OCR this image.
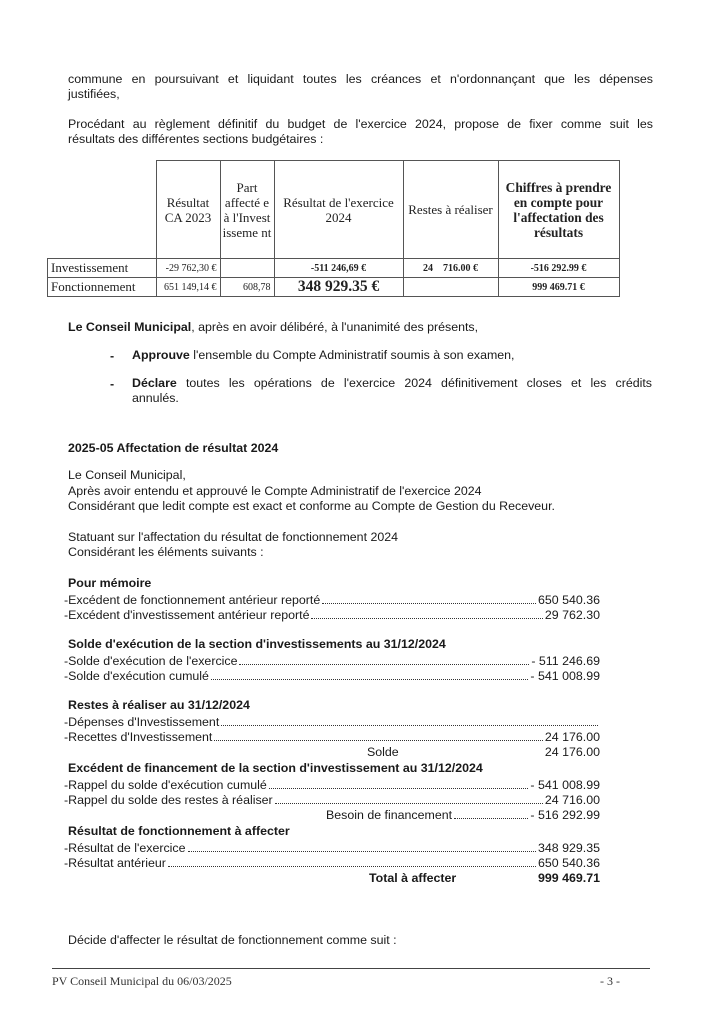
commune en poursuivant et liquidant toutes les créances et n'ordonnançant que les dépenses

justifiées,

Procédant au règlement définitif du budget de l'exercice 2024, propose de fixer comme suit les

résultats des différentes sections budgétaires :

	Résultat CA 2023	Part affecté e à l'Invest isseme nt	Résultat de l'exercice 2024	Restes à réaliser	Chiffres à prendre en compte pour l'affectation des résultats
Investissement	-29 762,30 €		-511 246,69 €	24    716.00 €	-516 292.99 €
Fonctionnement	651 149,14 €	608,78	348 929.35 €		999 469.71 €
Le Conseil Municipal, après en avoir délibéré, à l'unanimité des présents,
- Approuve l'ensemble du Compte Administratif soumis à son examen,
- Déclare toutes les opérations de l'exercice 2024 définitivement closes et les crédits

annulés.

2025-05 Affectation de résultat 2024
Le Conseil Municipal,
Après avoir entendu et approuvé le Compte Administratif de l'exercice 2024
Considérant que ledit compte est exact et conforme au Compte de Gestion du Receveur.
Statuant sur l'affectation du résultat de fonctionnement 2024
Considérant les éléments suivants :
Pour mémoire
-Excédent de fonctionnement antérieur reporté	650 540.36
-Excédent d'investissement antérieur reporté	29 762.30
Solde d'exécution de la section d'investissements au 31/12/2024
-Solde d'exécution de l'exercice	- 511 246.69
-Solde d'exécution cumulé	- 541 008.99
Restes à réaliser au 31/12/2024
-Dépenses d'Investissement
-Recettes d'Investissement	24 176.00
Solde	24 176.00
Excédent de financement de la section d'investissement au 31/12/2024
-Rappel du solde d'exécution cumulé	- 541 008.99
-Rappel du solde des restes à réaliser	24 716.00
Besoin de financement	- 516 292.99
Résultat de fonctionnement à affecter
-Résultat de l'exercice	348 929.35
-Résultat antérieur	650 540.36
Total à affecter	999 469.71
Décide d'affecter le résultat de fonctionnement comme suit :
PV Conseil Municipal du 06/03/2025	- 3 -
